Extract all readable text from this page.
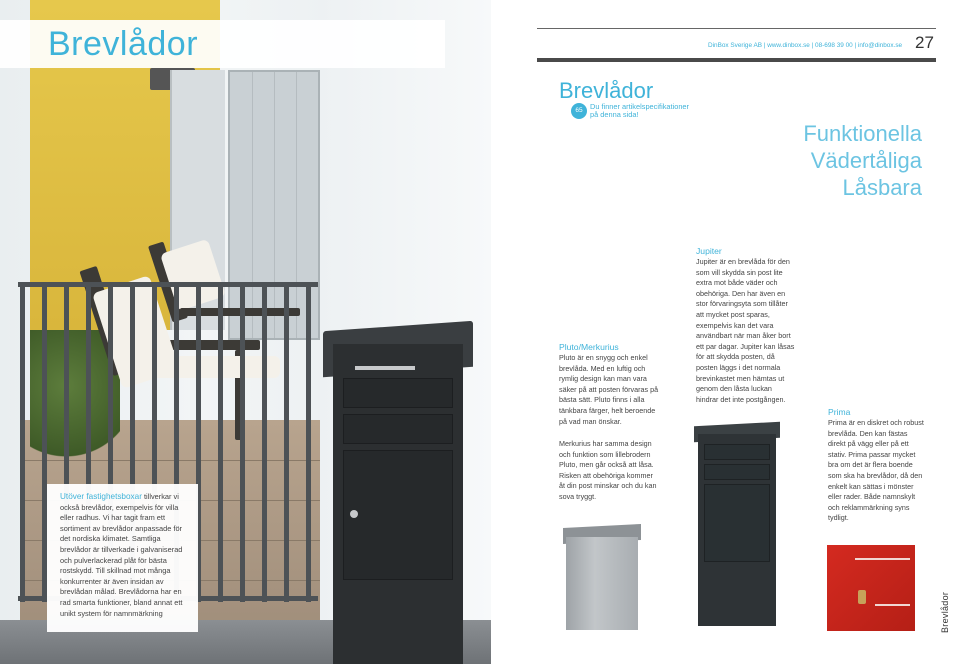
Brevlådor
Utöver fastighetsboxar tillverkar vi också brevlådor, exempelvis för villa eller radhus. Vi har tagit fram ett sortiment av brevlådor anpassade för det nordiska klimatet. Samtliga brevlådor är tillverkade i galvaniserad och pulverlackerad plåt för bästa rostskydd. Till skillnad mot många konkurrenter är även insidan av brevlådan målad. Brevlådorna har en rad smarta funktioner, bland annat ett unikt system för namnmärkning
DinBox Sverige AB | www.dinbox.se | 08-698 39 00 | info@dinbox.se 27
Brevlådor
65 Du finner artikelspecifikationer
på denna sida!
Funktionella
Vädertåliga
Låsbara
Jupiter
Jupiter är en brevlåda för den som vill skydda sin post lite extra mot både väder och obehöriga. Den har även en stor förvaringsyta som tillåter att mycket post sparas, exempelvis kan det vara användbart när man åker bort ett par dagar. Jupiter kan låsas för att skydda posten, då posten läggs i det normala brevinkastet men hämtas ut genom den låsta luckan hindrar det inte postgången.
Pluto/Merkurius
Pluto är en snygg och enkel brevlåda. Med en luftig och rymlig design kan man vara säker på att posten förvaras på bästa sätt. Pluto finns i alla tänkbara färger, helt beroende på vad man önskar.
Merkurius har samma design och funktion som lillebrodern Pluto, men går också att låsa. Risken att obehöriga kommer åt din post minskar och du kan sova tryggt.
Prima
Prima är en diskret och robust brevlåda. Den kan fästas direkt på vägg eller på ett stativ. Prima passar mycket bra om det är flera boende som ska ha brevlådor, då den enkelt kan sättas i mönster eller rader. Både namnskylt och reklammärkning syns tydligt.
Brevlådor
